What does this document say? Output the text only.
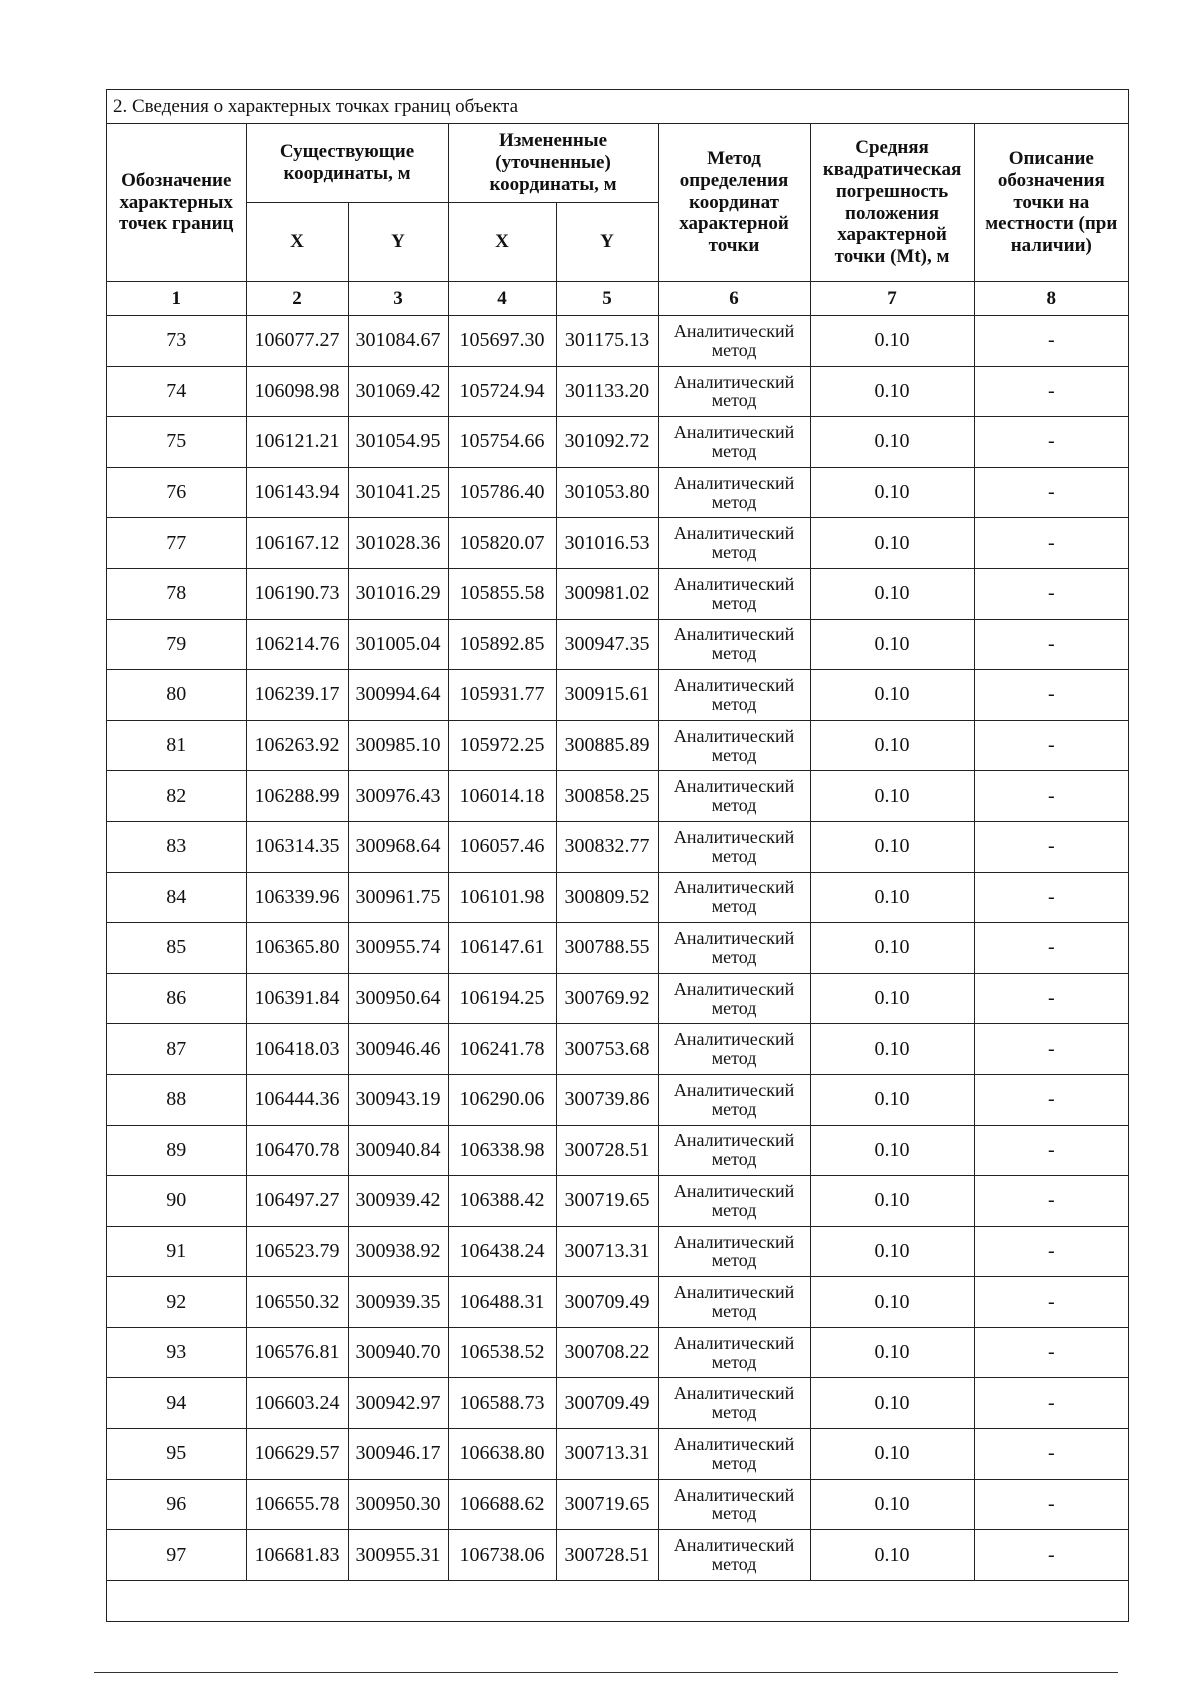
2. Сведения о характерных точках границ объекта
Обозначение характерных точек границ	Существующие координаты, м		Измененные (уточненные) координаты, м		Метод определения координат характерной точки	Средняя квадратическая погрешность положения характерной точки (Mt), м	Описание обозначения точки на местности (при наличии)
	X	Y	X	Y			
1	2	3	4	5	6	7	8
73	106077.27	301084.67	105697.30	301175.13	Аналитический метод	0.10	-
74	106098.98	301069.42	105724.94	301133.20	Аналитический метод	0.10	-
75	106121.21	301054.95	105754.66	301092.72	Аналитический метод	0.10	-
76	106143.94	301041.25	105786.40	301053.80	Аналитический метод	0.10	-
77	106167.12	301028.36	105820.07	301016.53	Аналитический метод	0.10	-
78	106190.73	301016.29	105855.58	300981.02	Аналитический метод	0.10	-
79	106214.76	301005.04	105892.85	300947.35	Аналитический метод	0.10	-
80	106239.17	300994.64	105931.77	300915.61	Аналитический метод	0.10	-
81	106263.92	300985.10	105972.25	300885.89	Аналитический метод	0.10	-
82	106288.99	300976.43	106014.18	300858.25	Аналитический метод	0.10	-
83	106314.35	300968.64	106057.46	300832.77	Аналитический метод	0.10	-
84	106339.96	300961.75	106101.98	300809.52	Аналитический метод	0.10	-
85	106365.80	300955.74	106147.61	300788.55	Аналитический метод	0.10	-
86	106391.84	300950.64	106194.25	300769.92	Аналитический метод	0.10	-
87	106418.03	300946.46	106241.78	300753.68	Аналитический метод	0.10	-
88	106444.36	300943.19	106290.06	300739.86	Аналитический метод	0.10	-
89	106470.78	300940.84	106338.98	300728.51	Аналитический метод	0.10	-
90	106497.27	300939.42	106388.42	300719.65	Аналитический метод	0.10	-
91	106523.79	300938.92	106438.24	300713.31	Аналитический метод	0.10	-
92	106550.32	300939.35	106488.31	300709.49	Аналитический метод	0.10	-
93	106576.81	300940.70	106538.52	300708.22	Аналитический метод	0.10	-
94	106603.24	300942.97	106588.73	300709.49	Аналитический метод	0.10	-
95	106629.57	300946.17	106638.80	300713.31	Аналитический метод	0.10	-
96	106655.78	300950.30	106688.62	300719.65	Аналитический метод	0.10	-
97	106681.83	300955.31	106738.06	300728.51	Аналитический метод	0.10	-
